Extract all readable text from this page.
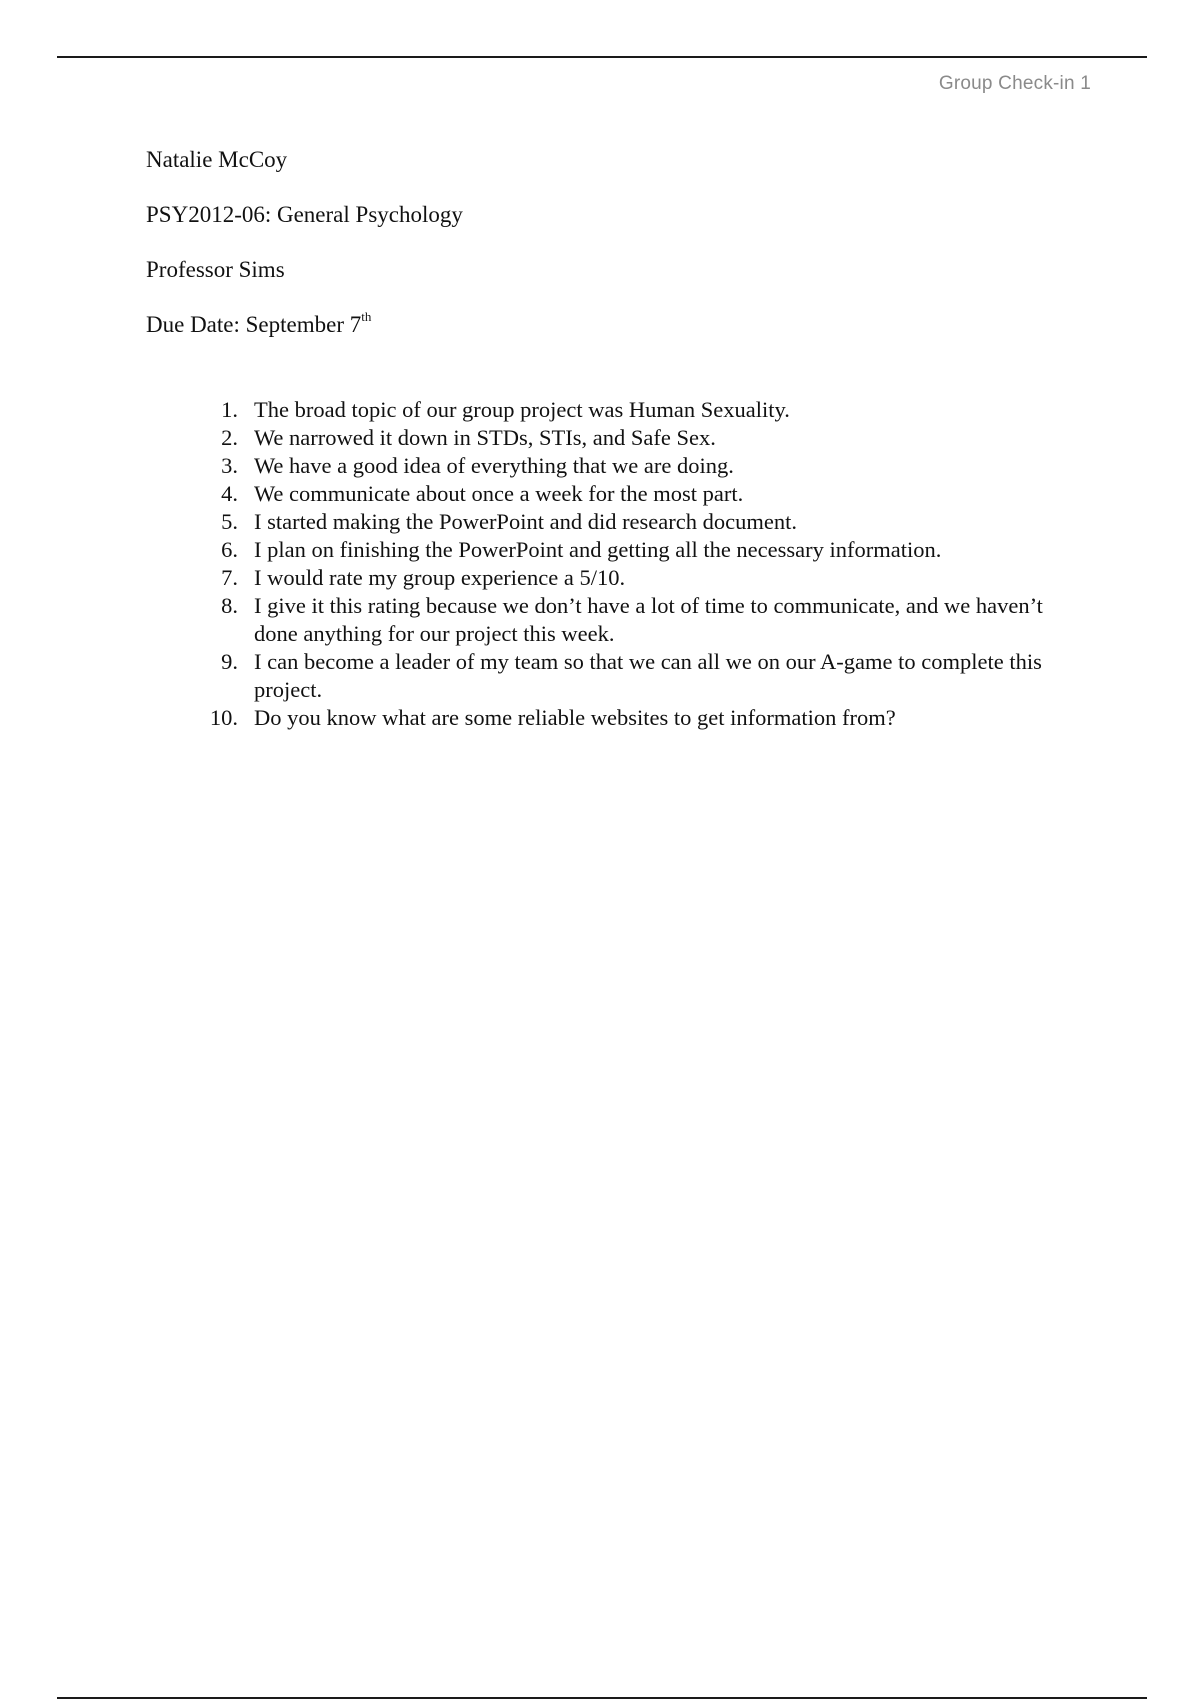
Group Check-in 1
Natalie McCoy
PSY2012-06: General Psychology
Professor Sims
Due Date: September 7th
1. The broad topic of our group project was Human Sexuality.
2. We narrowed it down in STDs, STIs, and Safe Sex.
3. We have a good idea of everything that we are doing.
4. We communicate about once a week for the most part.
5. I started making the PowerPoint and did research document.
6. I plan on finishing the PowerPoint and getting all the necessary information.
7. I would rate my group experience a 5/10.
8. I give it this rating because we don’t have a lot of time to communicate, and we haven’t done anything for our project this week.
9. I can become a leader of my team so that we can all we on our A-game to complete this project.
10. Do you know what are some reliable websites to get information from?
